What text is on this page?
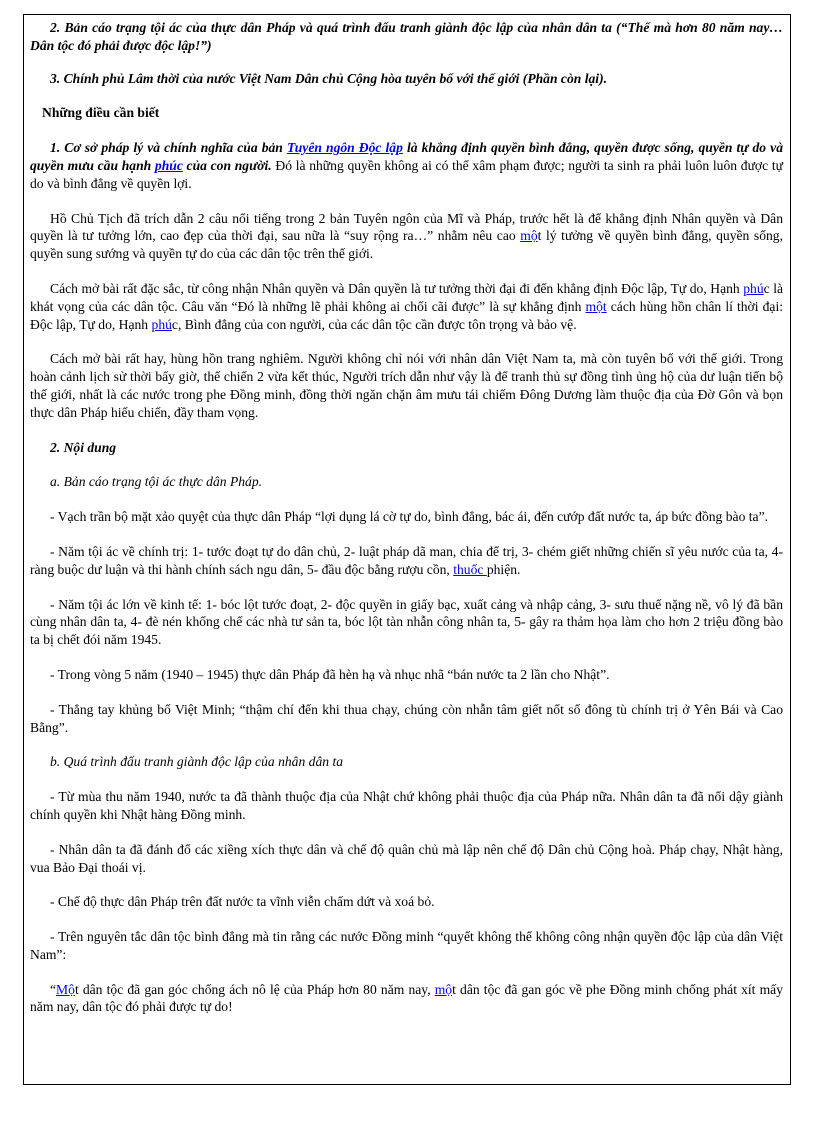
2. Bản cáo trạng tội ác của thực dân Pháp và quá trình đấu tranh giành độc lập của nhân dân ta (“Thế mà hơn 80 năm nay… Dân tộc đó phải được độc lập!”)

3. Chính phủ Lâm thời của nước Việt Nam Dân chủ Cộng hòa tuyên bố với thế giới (Phần còn lại).

Những điều cần biết

1. Cơ sở pháp lý và chính nghĩa của bản Tuyên ngôn Độc lập là khẳng định quyền bình đẳng, quyền được sống, quyền tự do và quyền mưu cầu hạnh phúc của con người. Đó là những quyền không ai có thể xâm phạm được; người ta sinh ra phải luôn luôn được tự do và bình đẳng về quyền lợi.

Hồ Chủ Tịch đã trích dẫn 2 câu nổi tiếng trong 2 bản Tuyên ngôn của Mĩ và Pháp, trước hết là để khẳng định Nhân quyền và Dân quyền là tư tưởng lớn, cao đẹp của thời đại, sau nữa là “suy rộng ra…” nhằm nêu cao một lý tưởng về quyền bình đẳng, quyền sống, quyền sung sướng và quyền tự do của các dân tộc trên thế giới.

Cách mở bài rất đặc sắc, từ công nhận Nhân quyền và Dân quyền là tư tưởng thời đại đi đến khẳng định Độc lập, Tự do, Hạnh phúc là khát vọng của các dân tộc. Câu văn “Đó là những lẽ phải không ai chối cãi được” là sự khẳng định một cách hùng hồn chân lí thời đại: Độc lập, Tự do, Hạnh phúc, Bình đẳng của con người, của các dân tộc cần được tôn trọng và bảo vệ.

Cách mở bài rất hay, hùng hồn trang nghiêm. Người không chỉ nói với nhân dân Việt Nam ta, mà còn tuyên bố với thế giới. Trong hoàn cảnh lịch sử thời bấy giờ, thế chiến 2 vừa kết thúc, Người trích dẫn như vậy là để tranh thủ sự đồng tình ủng hộ của dư luận tiến bộ thế giới, nhất là các nước trong phe Đồng minh, đồng thời ngăn chặn âm mưu tái chiếm Đông Dương làm thuộc địa của Đờ Gôn và bọn thực dân Pháp hiếu chiến, đầy tham vọng.

2. Nội dung

a. Bản cáo trạng tội ác thực dân Pháp.

- Vạch trần bộ mặt xảo quyệt của thực dân Pháp “lợi dụng lá cờ tự do, bình đẳng, bác ái, đến cướp đất nước ta, áp bức đồng bào ta”.

- Năm tội ác về chính trị: 1- tước đoạt tự do dân chủ, 2- luật pháp dã man, chia để trị, 3- chém giết những chiến sĩ yêu nước của ta, 4- ràng buộc dư luận và thi hành chính sách ngu dân, 5- đầu độc bằng rượu cồn, thuốc phiện.

- Năm tội ác lớn về kinh tế: 1- bóc lột tước đoạt, 2- độc quyền in giấy bạc, xuất cảng và nhập cảng, 3- sưu thuế nặng nề, vô lý đã bần cùng nhân dân ta, 4- đè nén khống chế các nhà tư sản ta, bóc lột tàn nhẫn công nhân ta, 5- gây ra thảm họa làm cho hơn 2 triệu đồng bào ta bị chết đói năm 1945.

- Trong vòng 5 năm (1940 – 1945) thực dân Pháp đã hèn hạ và nhục nhã “bán nước ta 2 lần cho Nhật”.

- Thẳng tay khủng bố Việt Minh; “thậm chí đến khi thua chạy, chúng còn nhẫn tâm giết nốt số đông tù chính trị ở Yên Bái và Cao Bằng”.

b. Quá trình đấu tranh giành độc lập của nhân dân ta

- Từ mùa thu năm 1940, nước ta đã thành thuộc địa của Nhật chứ không phải thuộc địa của Pháp nữa. Nhân dân ta đã nổi dậy giành chính quyền khi Nhật hàng Đồng minh.

- Nhân dân ta đã đánh đổ các xiềng xích thực dân và chế độ quân chủ mà lập nên chế độ Dân chủ Cộng hoà. Pháp chạy, Nhật hàng, vua Bảo Đại thoái vị.

- Chế độ thực dân Pháp trên đất nước ta vĩnh viễn chấm dứt và xoá bỏ.

- Trên nguyên tắc dân tộc bình đẳng mà tin rằng các nước Đồng minh “quyết không thể không công nhận quyền độc lập của dân Việt Nam”:

“Một dân tộc đã gan góc chống ách nô lệ của Pháp hơn 80 năm nay, một dân tộc đã gan góc về phe Đồng minh chống phát xít mấy năm nay, dân tộc đó phải được tự do!
